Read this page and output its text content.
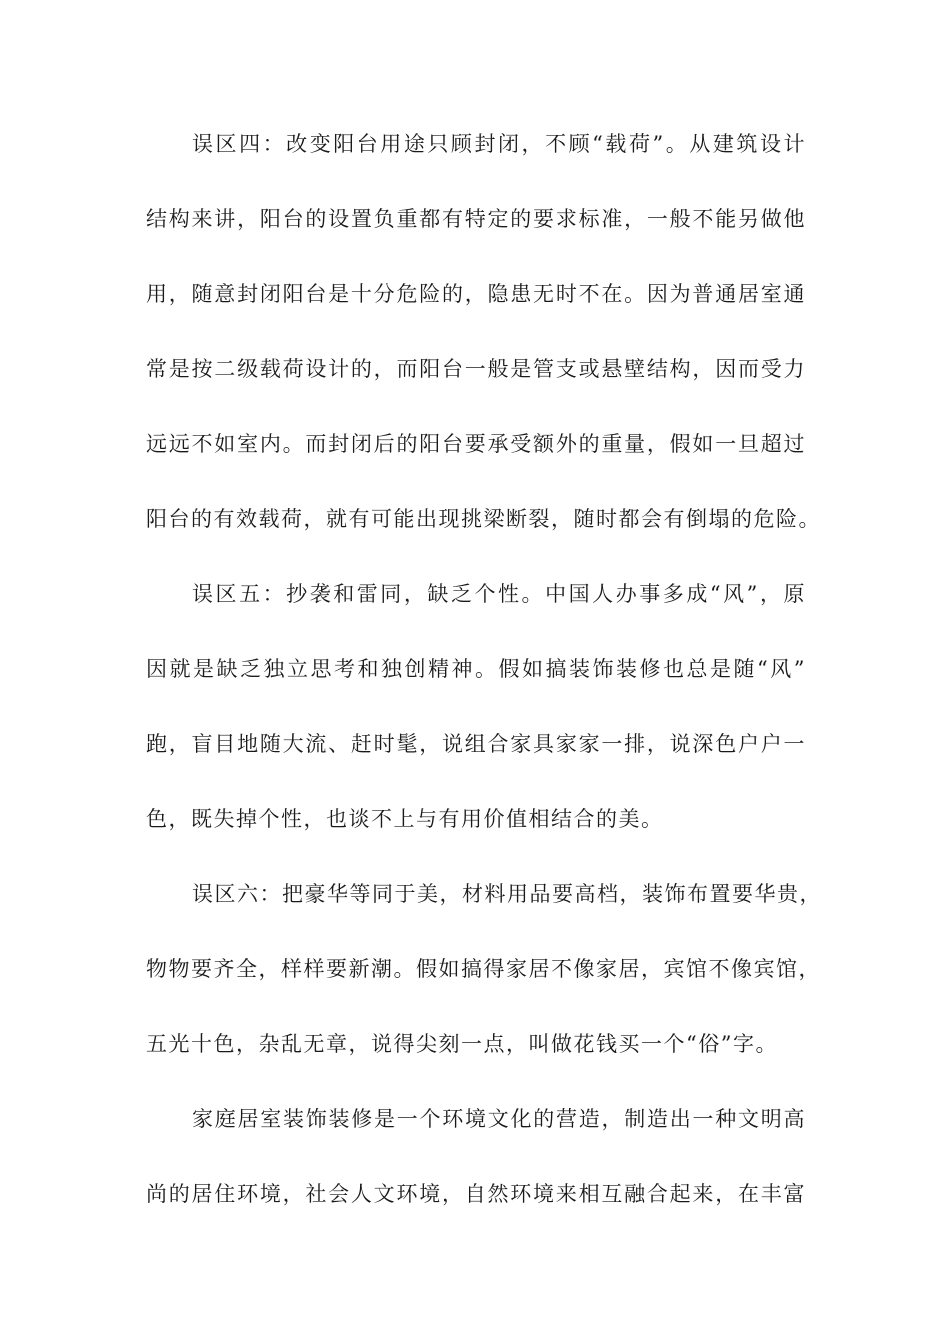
误区四：改变阳台用途只顾封闭，不顾“载荷”。从建筑设计
结构来讲，阳台的设置负重都有特定的要求标准，一般不能另做他
用，随意封闭阳台是十分危险的，隐患无时不在。因为普通居室通
常是按二级载荷设计的，而阳台一般是管支或悬壁结构，因而受力
远远不如室内。而封闭后的阳台要承受额外的重量，假如一旦超过
阳台的有效载荷，就有可能出现挑梁断裂，随时都会有倒塌的危险。
误区五：抄袭和雷同，缺乏个性。中国人办事多成“风”，原
因就是缺乏独立思考和独创精神。假如搞装饰装修也总是随“风”
跑，盲目地随大流、赶时髦，说组合家具家家一排，说深色户户一
色，既失掉个性，也谈不上与有用价值相结合的美。
误区六：把豪华等同于美，材料用品要高档，装饰布置要华贵，
物物要齐全，样样要新潮。假如搞得家居不像家居，宾馆不像宾馆，
五光十色，杂乱无章，说得尖刻一点，叫做花钱买一个“俗”字。
家庭居室装饰装修是一个环境文化的营造，制造出一种文明高
尚的居住环境，社会人文环境，自然环境来相互融合起来，在丰富
